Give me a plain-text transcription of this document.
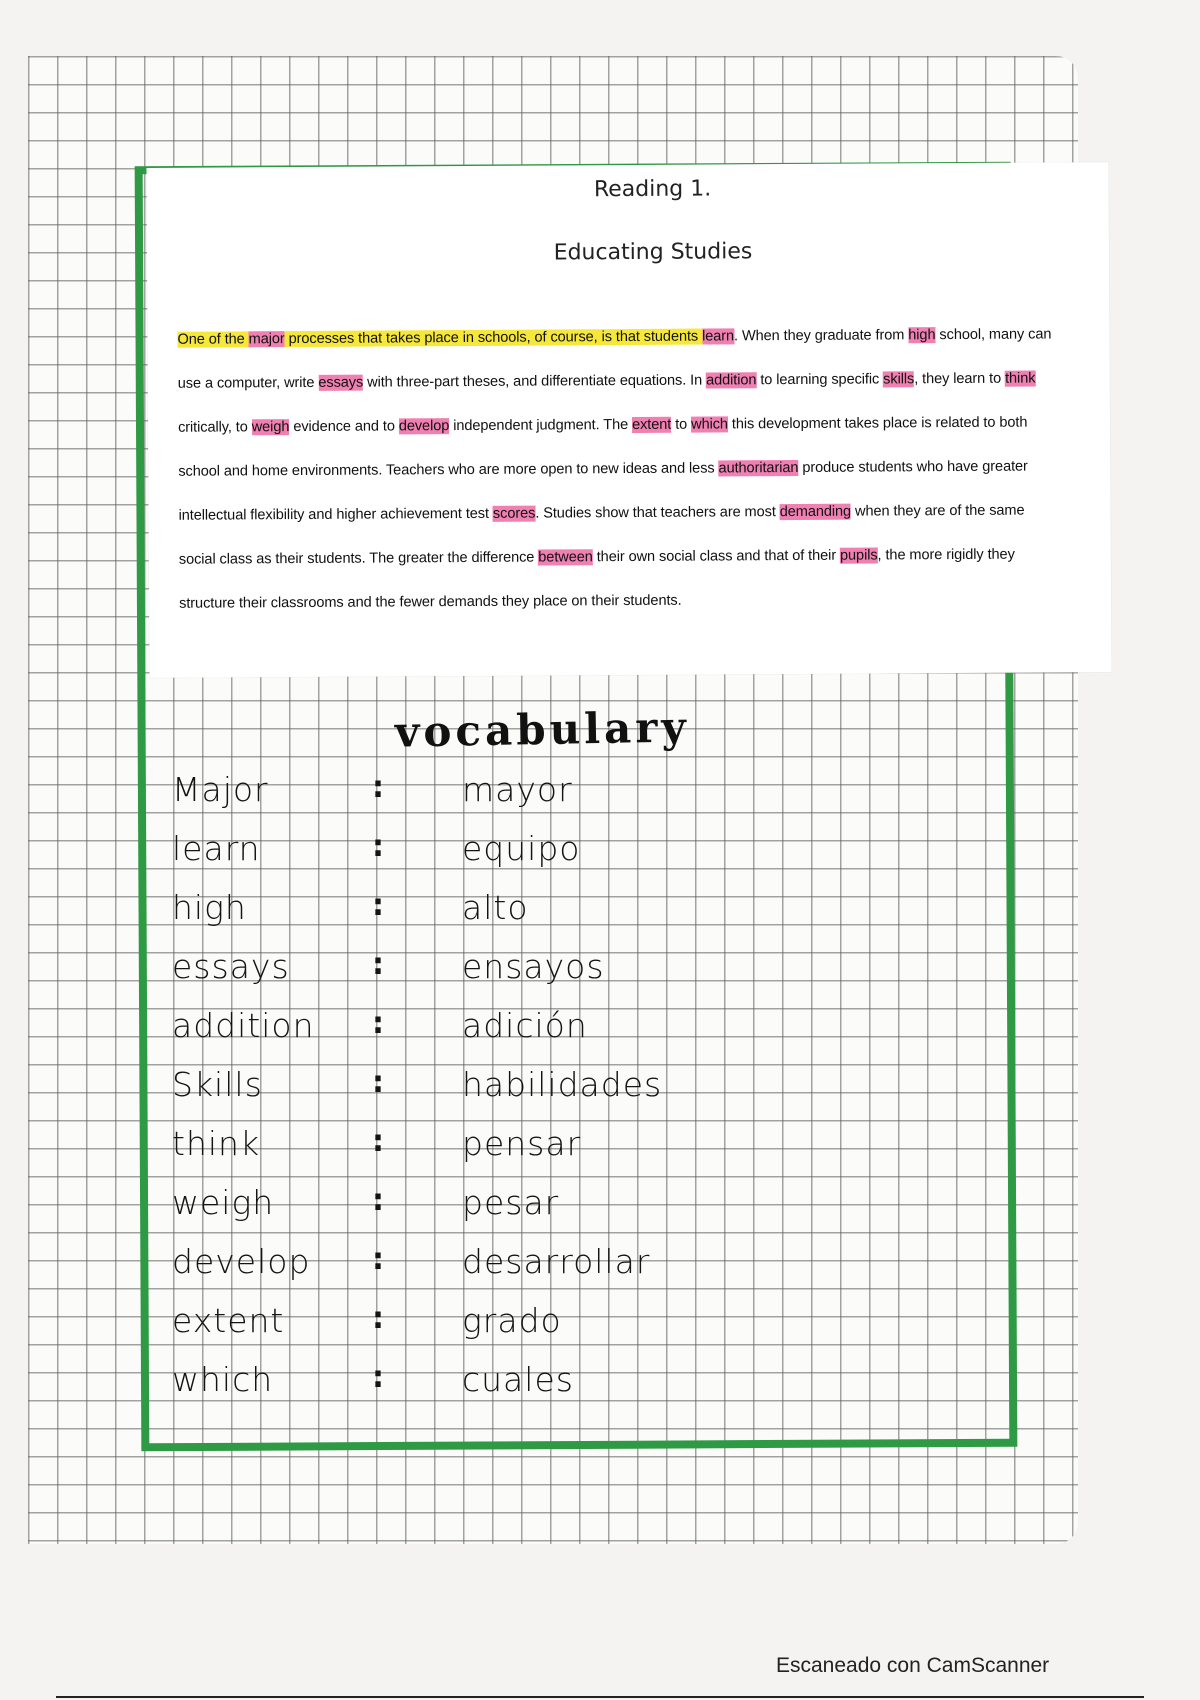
Reading 1.
Educating Studies

One of the major processes that takes place in schools, of course, is that students learn. When they graduate from high school, many can use a computer, write essays with three-part theses, and differentiate equations. In addition to learning specific skills, they learn to think critically, to weigh evidence and to develop independent judgment. The extent to which this development takes place is related to both school and home environments. Teachers who are more open to new ideas and less authoritarian produce students who have greater intellectual flexibility and higher achievement test scores. Studies show that teachers are most demanding when they are of the same social class as their students. The greater the difference between their own social class and that of their pupils, the more rigidly they structure their classrooms and the fewer demands they place on their students.

vocabulary
Major	: mayor
learn	: equipo
high	: alto
essays	: ensayos
addition : adición
Skills	: habilidades
think	: pensar
weigh	: pesar
develop : desarrollar
extent	: grado
which	: cuales
Escaneado con CamScanner
